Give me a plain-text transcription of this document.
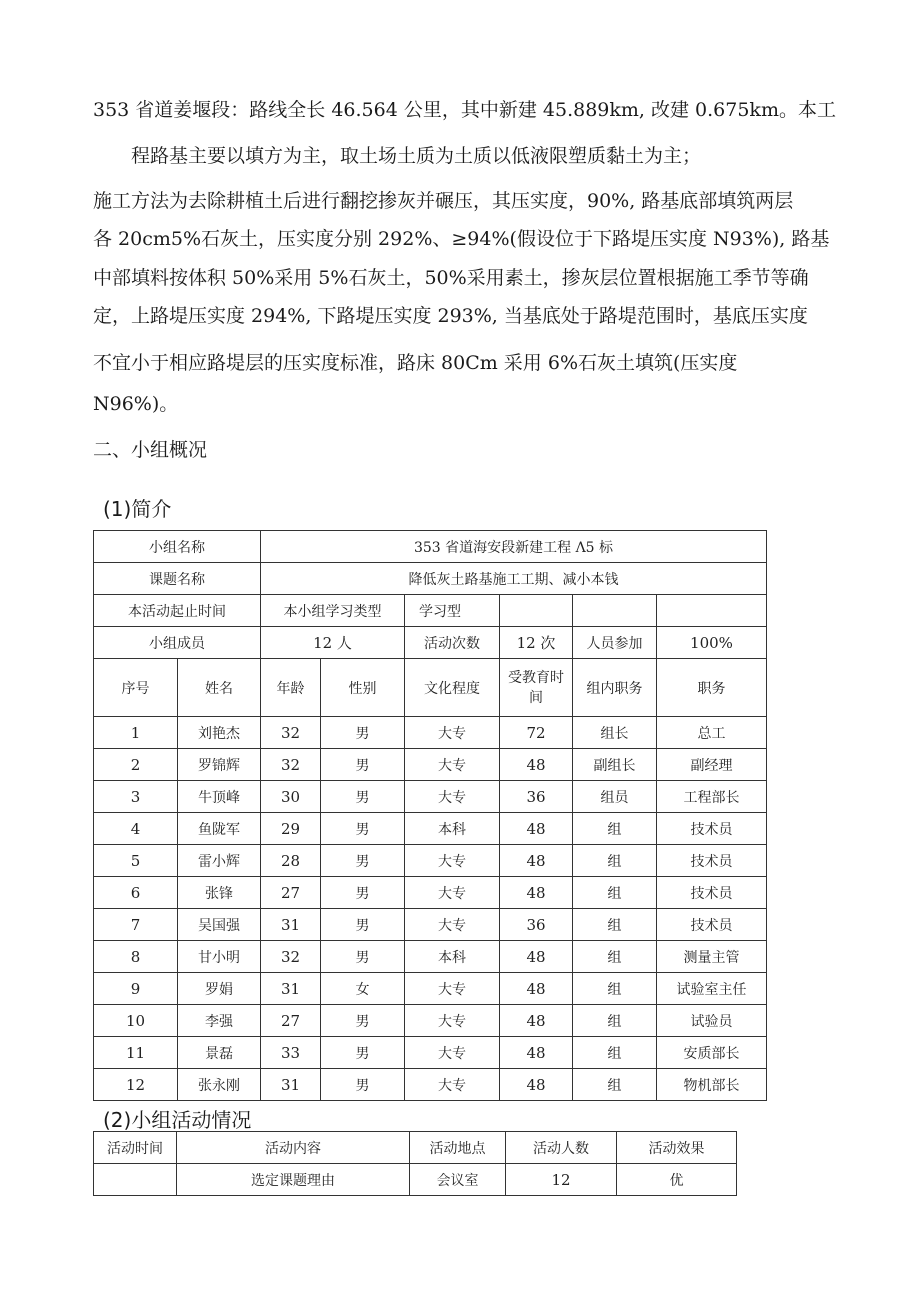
353 省道姜堰段：路线全长 46.564 公里，其中新建 45.889km, 改建 0.675km。本工
程路基主要以填方为主，取土场土质为土质以低液限塑质黏土为主；
施工方法为去除耕植土后进行翻挖掺灰并碾压，其压实度，90%, 路基底部填筑两层
各 20cm5%石灰土，压实度分别 292%、≥94%(假设位于下路堤压实度 N93%), 路基
中部填料按体积 50%采用 5%石灰土，50%采用素土，掺灰层位置根据施工季节等确
定，上路堤压实度 294%, 下路堤压实度 293%, 当基底处于路堤范围时，基底压实度
不宜小于相应路堤层的压实度标准，路床 80Cm 采用 6%石灰土填筑(压实度
N96%)。
二、小组概况
(1)简介
小组名称		353 省道海安段新建工程 Λ5 标					
课题名称		降低灰土路基施工工期、减小本钱					
本活动起止时间		本小组学习类型		学习型			
小组成员		12 人		活动次数	12 次	人员参加	100%
序号	姓名	年龄	性别	文化程度	受教育时间	组内职务	职务
1	刘艳杰	32	男	大专	72	组长	总工
2	罗锦辉	32	男	大专	48	副组长	副经理
3	牛顶峰	30	男	大专	36	组员	工程部长
4	鱼陇军	29	男	本科	48	组	技术员
5	雷小辉	28	男	大专	48	组	技术员
6	张锋	27	男	大专	48	组	技术员
7	吴国强	31	男	大专	36	组	技术员
8	甘小明	32	男	本科	48	组	测量主管
9	罗娟	31	女	大专	48	组	试验室主任
10	李强	27	男	大专	48	组	试验员
11	景磊	33	男	大专	48	组	安质部长
12	张永刚	31	男	大专	48	组	物机部长
(2)小组活动情况
活动时间	活动内容	活动地点	活动人数	活动效果
	选定课题理由	会议室	12	优
